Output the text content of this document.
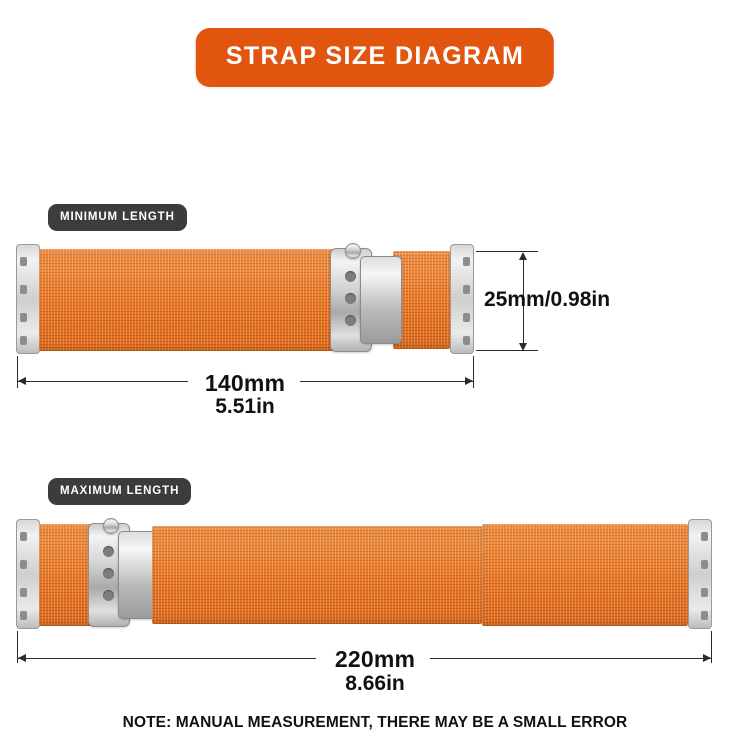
STRAP SIZE DIAGRAM
MINIMUM LENGTH
25mm/0.98in
140mm
5.51in
MAXIMUM LENGTH
220mm
8.66in
NOTE: MANUAL MEASUREMENT, THERE MAY BE A SMALL ERROR
